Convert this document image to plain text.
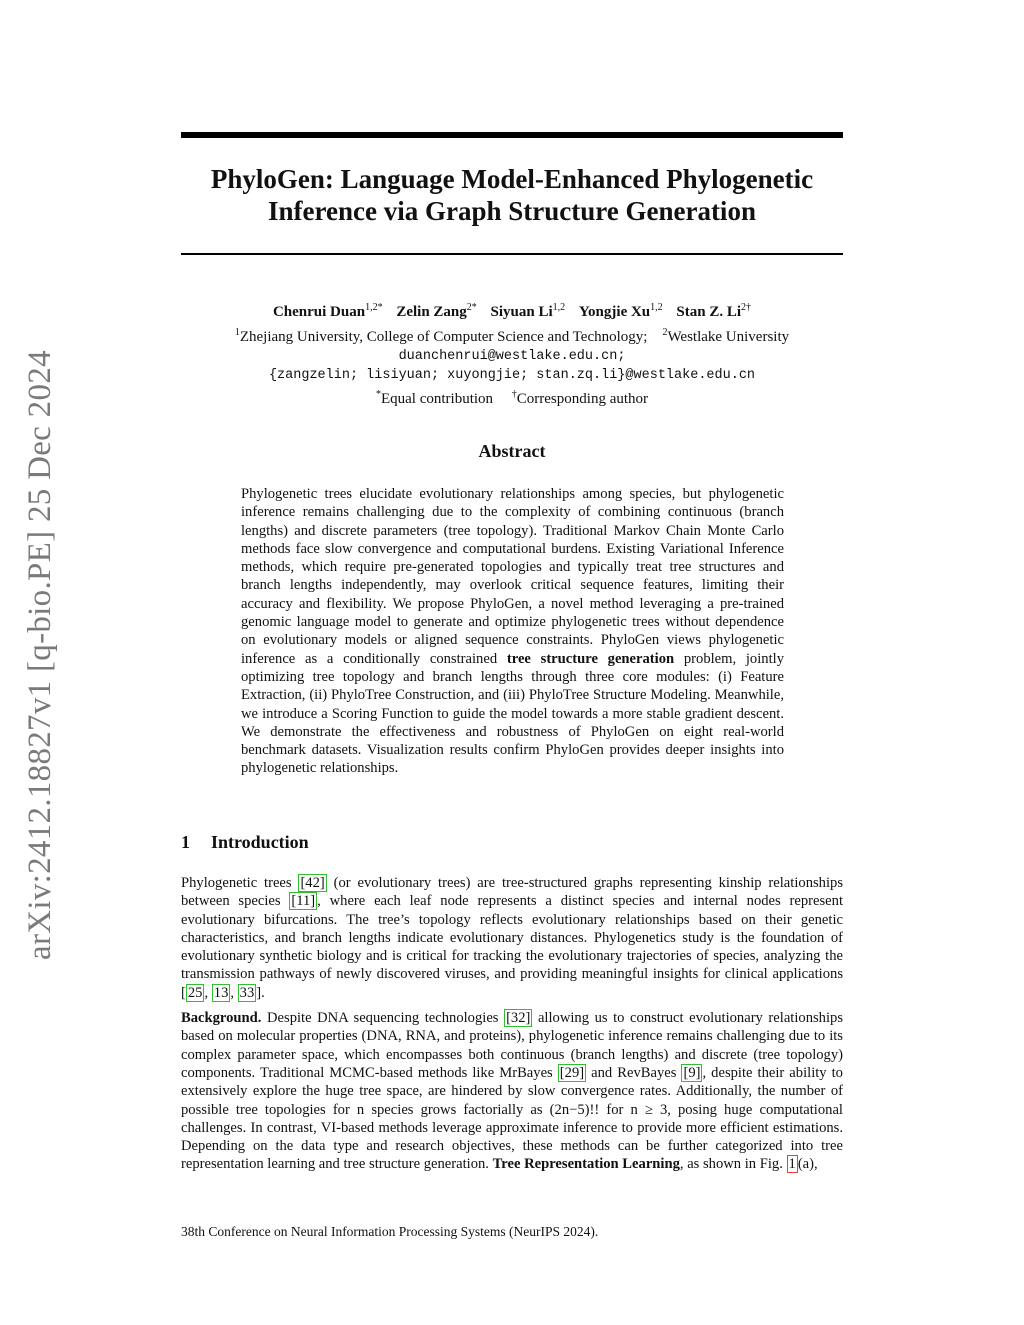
arXiv:2412.18827v1 [q-bio.PE] 25 Dec 2024
PhyloGen: Language Model-Enhanced Phylogenetic
Inference via Graph Structure Generation
Chenrui Duan$^{1,2*}$ Zelin Zang$^{2*}$ Siyuan Li$^{1,2}$ Yongjie Xu$^{1,2}$ Stan Z. $Li^{2\dagger}$
$^1$Zhejiang University, College of Computer Science and Technology; $^2$Westlake University
duanchenrui@westlake.edu.cn;
{zangzelin; lisiyuan; xuyongjie; stan.zq.li}@westlake.edu.cn
*Equal contribution †Corresponding author
Abstract

Phylogenetic trees elucidate evolutionary relationships among species, but phylogenetic inference remains challenging due to the complexity of combining continuous (branch lengths) and discrete parameters (tree topology). Traditional Markov Chain Monte Carlo methods face slow convergence and computational burdens. Existing Variational Inference methods, which require pre-generated topologies and typically treat tree structures and branch lengths independently, may overlook critical sequence features, limiting their accuracy and flexibility. We propose PhyloGen, a novel method leveraging a pre-trained genomic language model to generate and optimize phylogenetic trees without dependence on evolutionary models or aligned sequence constraints. PhyloGen views phylogenetic inference as a conditionally constrained tree structure generation problem, jointly optimizing tree topology and branch lengths through three core modules: (i) Feature Extraction, (ii) PhyloTree Construction, and (iii) PhyloTree Structure Modeling. Meanwhile, we introduce a Scoring Function to guide the model towards a more stable gradient descent. We demonstrate the effectiveness and robustness of PhyloGen on eight real-world benchmark datasets. Visualization results confirm PhyloGen provides deeper insights into phylogenetic relationships.

1 Introduction

Phylogenetic trees [42] (or evolutionary trees) are tree-structured graphs representing kinship relationships between species [11] , where each leaf node represents a distinct species and internal nodes represent evolutionary bifurcations. The tree’s topology reflects evolutionary relationships based on their genetic characteristics, and branch lengths indicate evolutionary distances. Phylogenetics study is the foundation of evolutionary synthetic biology and is critical for tracking the evolutionary trajectories of species, analyzing the transmission pathways of newly discovered viruses, and providing meaningful insights for clinical applications [ 25 , 13 , 33 ].

Background. Despite DNA sequencing technologies [32] allowing us to construct evolutionary relationships based on molecular properties (DNA, RNA, and proteins), phylogenetic inference remains challenging due to its complex parameter space, which encompasses both continuous (branch lengths) and discrete (tree topology) components. Traditional MCMC-based methods like MrBayes [29] and RevBayes [9] , despite their ability to extensively explore the huge tree space, are hindered by slow convergence rates. Additionally, the number of possible tree topologies for n species grows factorially as (2n−5)!! for n ≥ 3, posing huge computational challenges. In contrast, VI-based methods leverage approximate inference to provide more efficient estimations. Depending on the data type and research objectives, these methods can be further categorized into tree representation learning and tree structure generation. Tree Representation Learning, as shown in Fig. 1 (a),

38th Conference on Neural Information Processing Systems (NeurIPS 2024).
